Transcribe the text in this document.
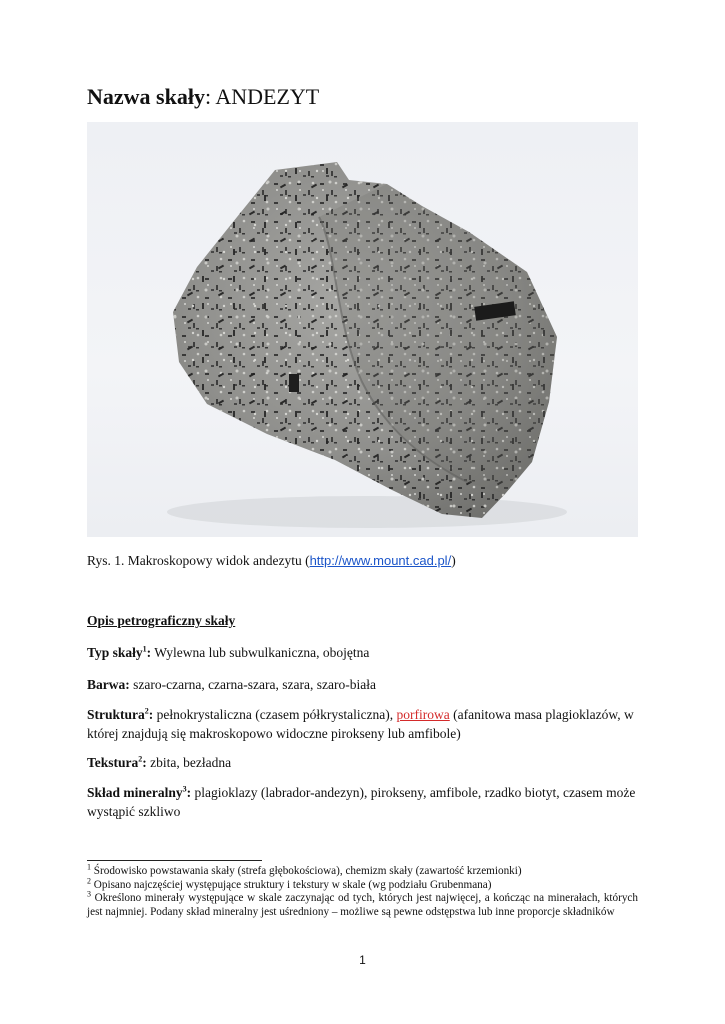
Nazwa skały: ANDEZYT
Rys. 1. Makroskopowy widok andezytu (http://www.mount.cad.pl/)
Opis petrograficzny skały
Typ skały$^1$: Wylewna lub subwulkaniczna, obojętna
Barwa: szaro-czarna, czarna-szara, szara, szaro-biała
Struktura$^2$: pełnokrystaliczna (czasem półkrystaliczna), porfirowa (afanitowa masa plagioklazów, w której znajdują się makroskopowo widoczne pirokseny lub amfibole)
Tekstura$^2$: zbita, bezładna
Skład mineralny$^3$: plagioklazy (labrador-andezyn), pirokseny, amfibole, rzadko biotyt, czasem może wystąpić szkliwo

$^1$ Środowisko powstawania skały (strefa głębokościowa), chemizm skały (zawartość krzemionki)

$^2$ Opisano najczęściej występujące struktury i tekstury w skale (wg podziału Grubenmana)

$^3$ Określono minerały występujące w skale zaczynając od tych, których jest najwięcej, a kończąc na minerałach, których jest najmniej. Podany skład mineralny jest uśredniony – możliwe są pewne odstępstwa lub inne proporcje składników

1
